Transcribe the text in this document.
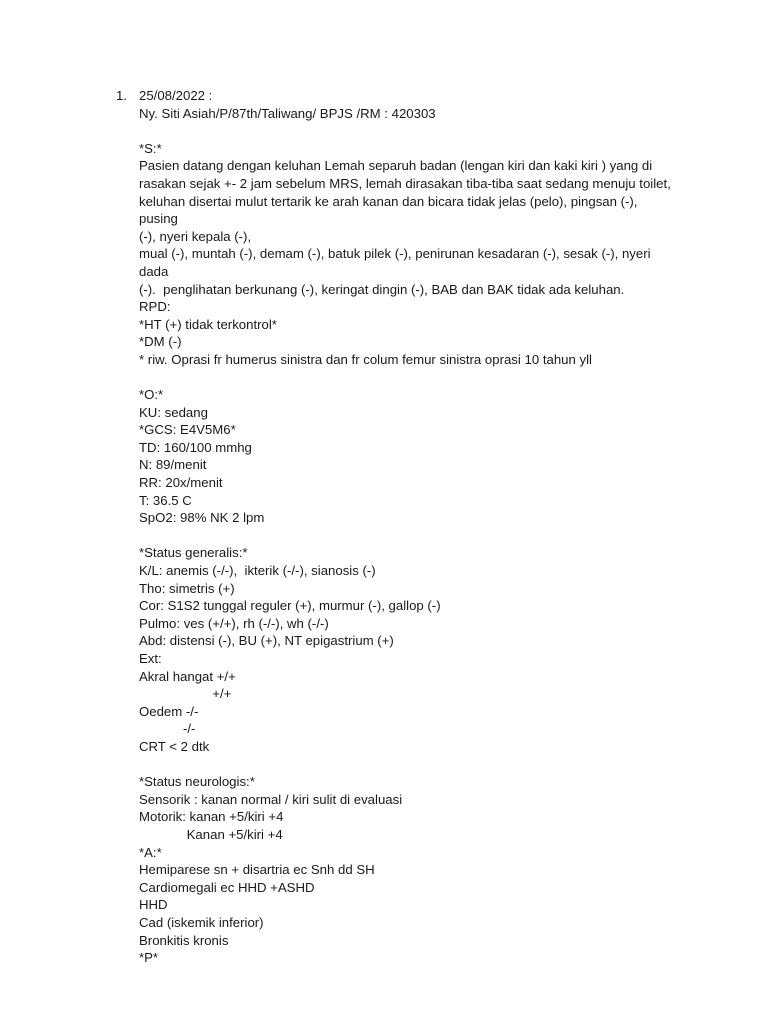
1. 25/08/2022 :
Ny. Siti Asiah/P/87th/Taliwang/ BPJS /RM : 420303
*S:*
Pasien datang dengan keluhan Lemah separuh badan (lengan kiri dan kaki kiri ) yang di
rasakan sejak +- 2 jam sebelum MRS, lemah dirasakan tiba-tiba saat sedang menuju toilet,
keluhan disertai mulut tertarik ke arah kanan dan bicara tidak jelas (pelo), pingsan (-), pusing
(-), nyeri kepala (-),
mual (-), muntah (-), demam (-), batuk pilek (-), penirunan kesadaran (-), sesak (-), nyeri dada
(-).  penglihatan berkunang (-), keringat dingin (-), BAB dan BAK tidak ada keluhan.
RPD:
*HT (+) tidak terkontrol*
*DM (-)
* riw. Oprasi fr humerus sinistra dan fr colum femur sinistra oprasi 10 tahun yll
*O:*
KU: sedang
*GCS: E4V5M6*
TD: 160/100 mmhg
N: 89/menit
RR: 20x/menit
T: 36.5 C
SpO2: 98% NK 2 lpm
*Status generalis:*
K/L: anemis (-/-),  ikterik (-/-), sianosis (-)
Tho: simetris (+)
Cor: S1S2 tunggal reguler (+), murmur (-), gallop (-)
Pulmo: ves (+/+), rh (-/-), wh (-/-)
Abd: distensi (-), BU (+), NT epigastrium (+)
Ext:
Akral hangat +/+
+/+
Oedem -/-
-/-
CRT < 2 dtk
*Status neurologis:*
Sensorik : kanan normal / kiri sulit di evaluasi
Motorik: kanan +5/kiri +4
Kanan +5/kiri +4
*A:*
Hemiparese sn + disartria ec Snh dd SH
Cardiomegali ec HHD +ASHD
HHD
Cad (iskemik inferior)
Bronkitis kronis
*P*
